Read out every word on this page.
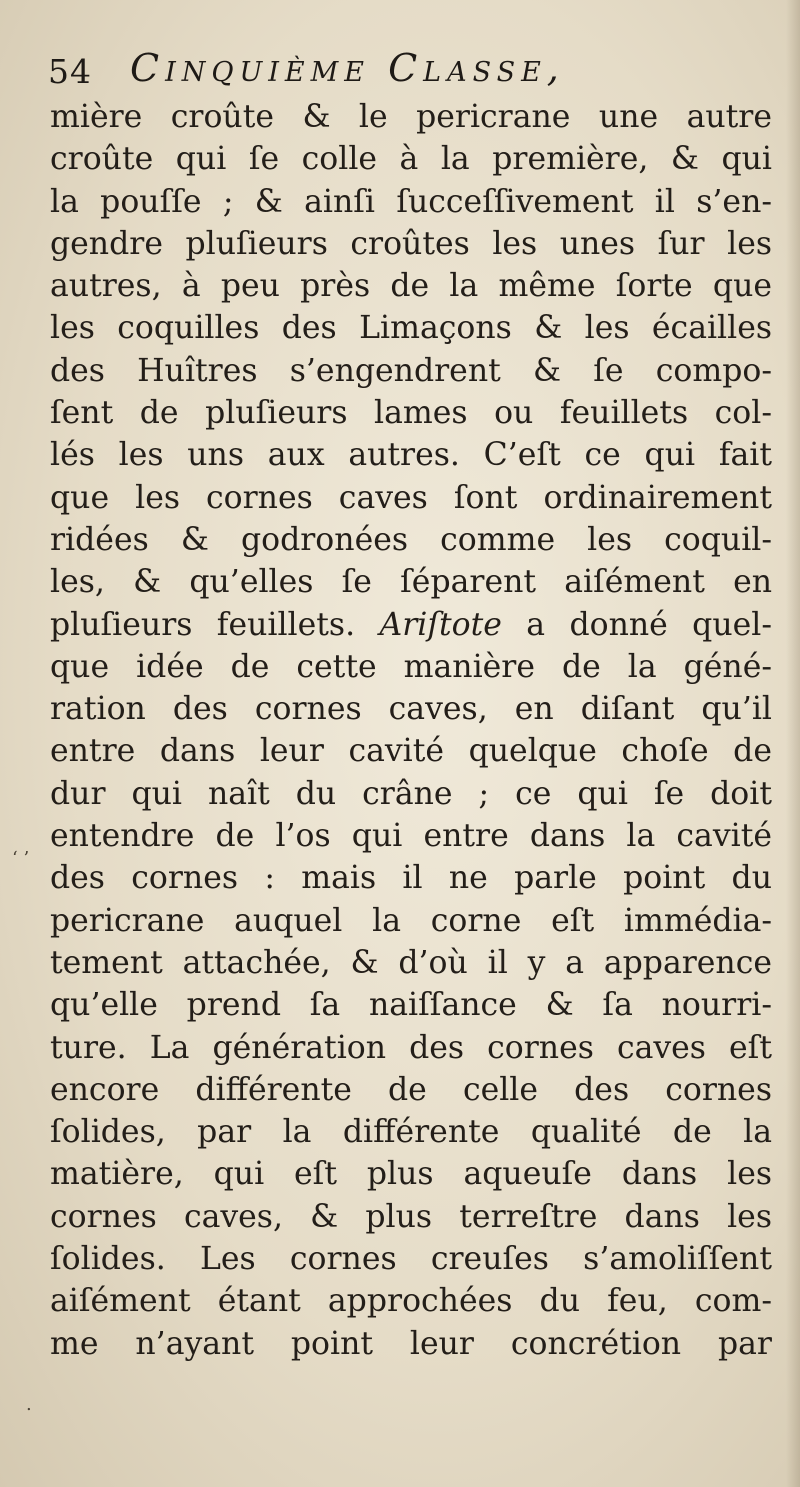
54 Cinquième Classe,
‘ ’
.
mière croûte & le pericrane une autre
croûte qui ſe colle à la première, & qui
la pouſſe ; & ainſi ſucceſſivement il s’en-
gendre pluſieurs croûtes les unes ſur les
autres, à peu près de la même ſorte que
les coquilles des Limaçons & les écailles
des Huîtres s’engendrent & ſe compo-
ſent de pluſieurs lames ou feuillets col-
lés les uns aux autres. C’eſt ce qui fait
que les cornes caves ſont ordinairement
ridées & godronées comme les coquil-
les, & qu’elles ſe ſéparent aiſément en
pluſieurs feuillets. Ariſtote a donné quel-
que idée de cette manière de la géné-
ration des cornes caves, en diſant qu’il
entre dans leur cavité quelque choſe de
dur qui naît du crâne ; ce qui ſe doit
entendre de l’os qui entre dans la cavité
des cornes : mais il ne parle point du
pericrane auquel la corne eſt immédia-
tement attachée, & d’où il y a apparence
qu’elle prend ſa naiſſance & ſa nourri-
ture. La génération des cornes caves eſt
encore différente de celle des cornes
ſolides, par la différente qualité de la
matière, qui eſt plus aqueuſe dans les
cornes caves, & plus terreſtre dans les
ſolides. Les cornes creuſes s’amoliſſent
aiſément étant approchées du feu, com-
me n’ayant point leur concrétion par
